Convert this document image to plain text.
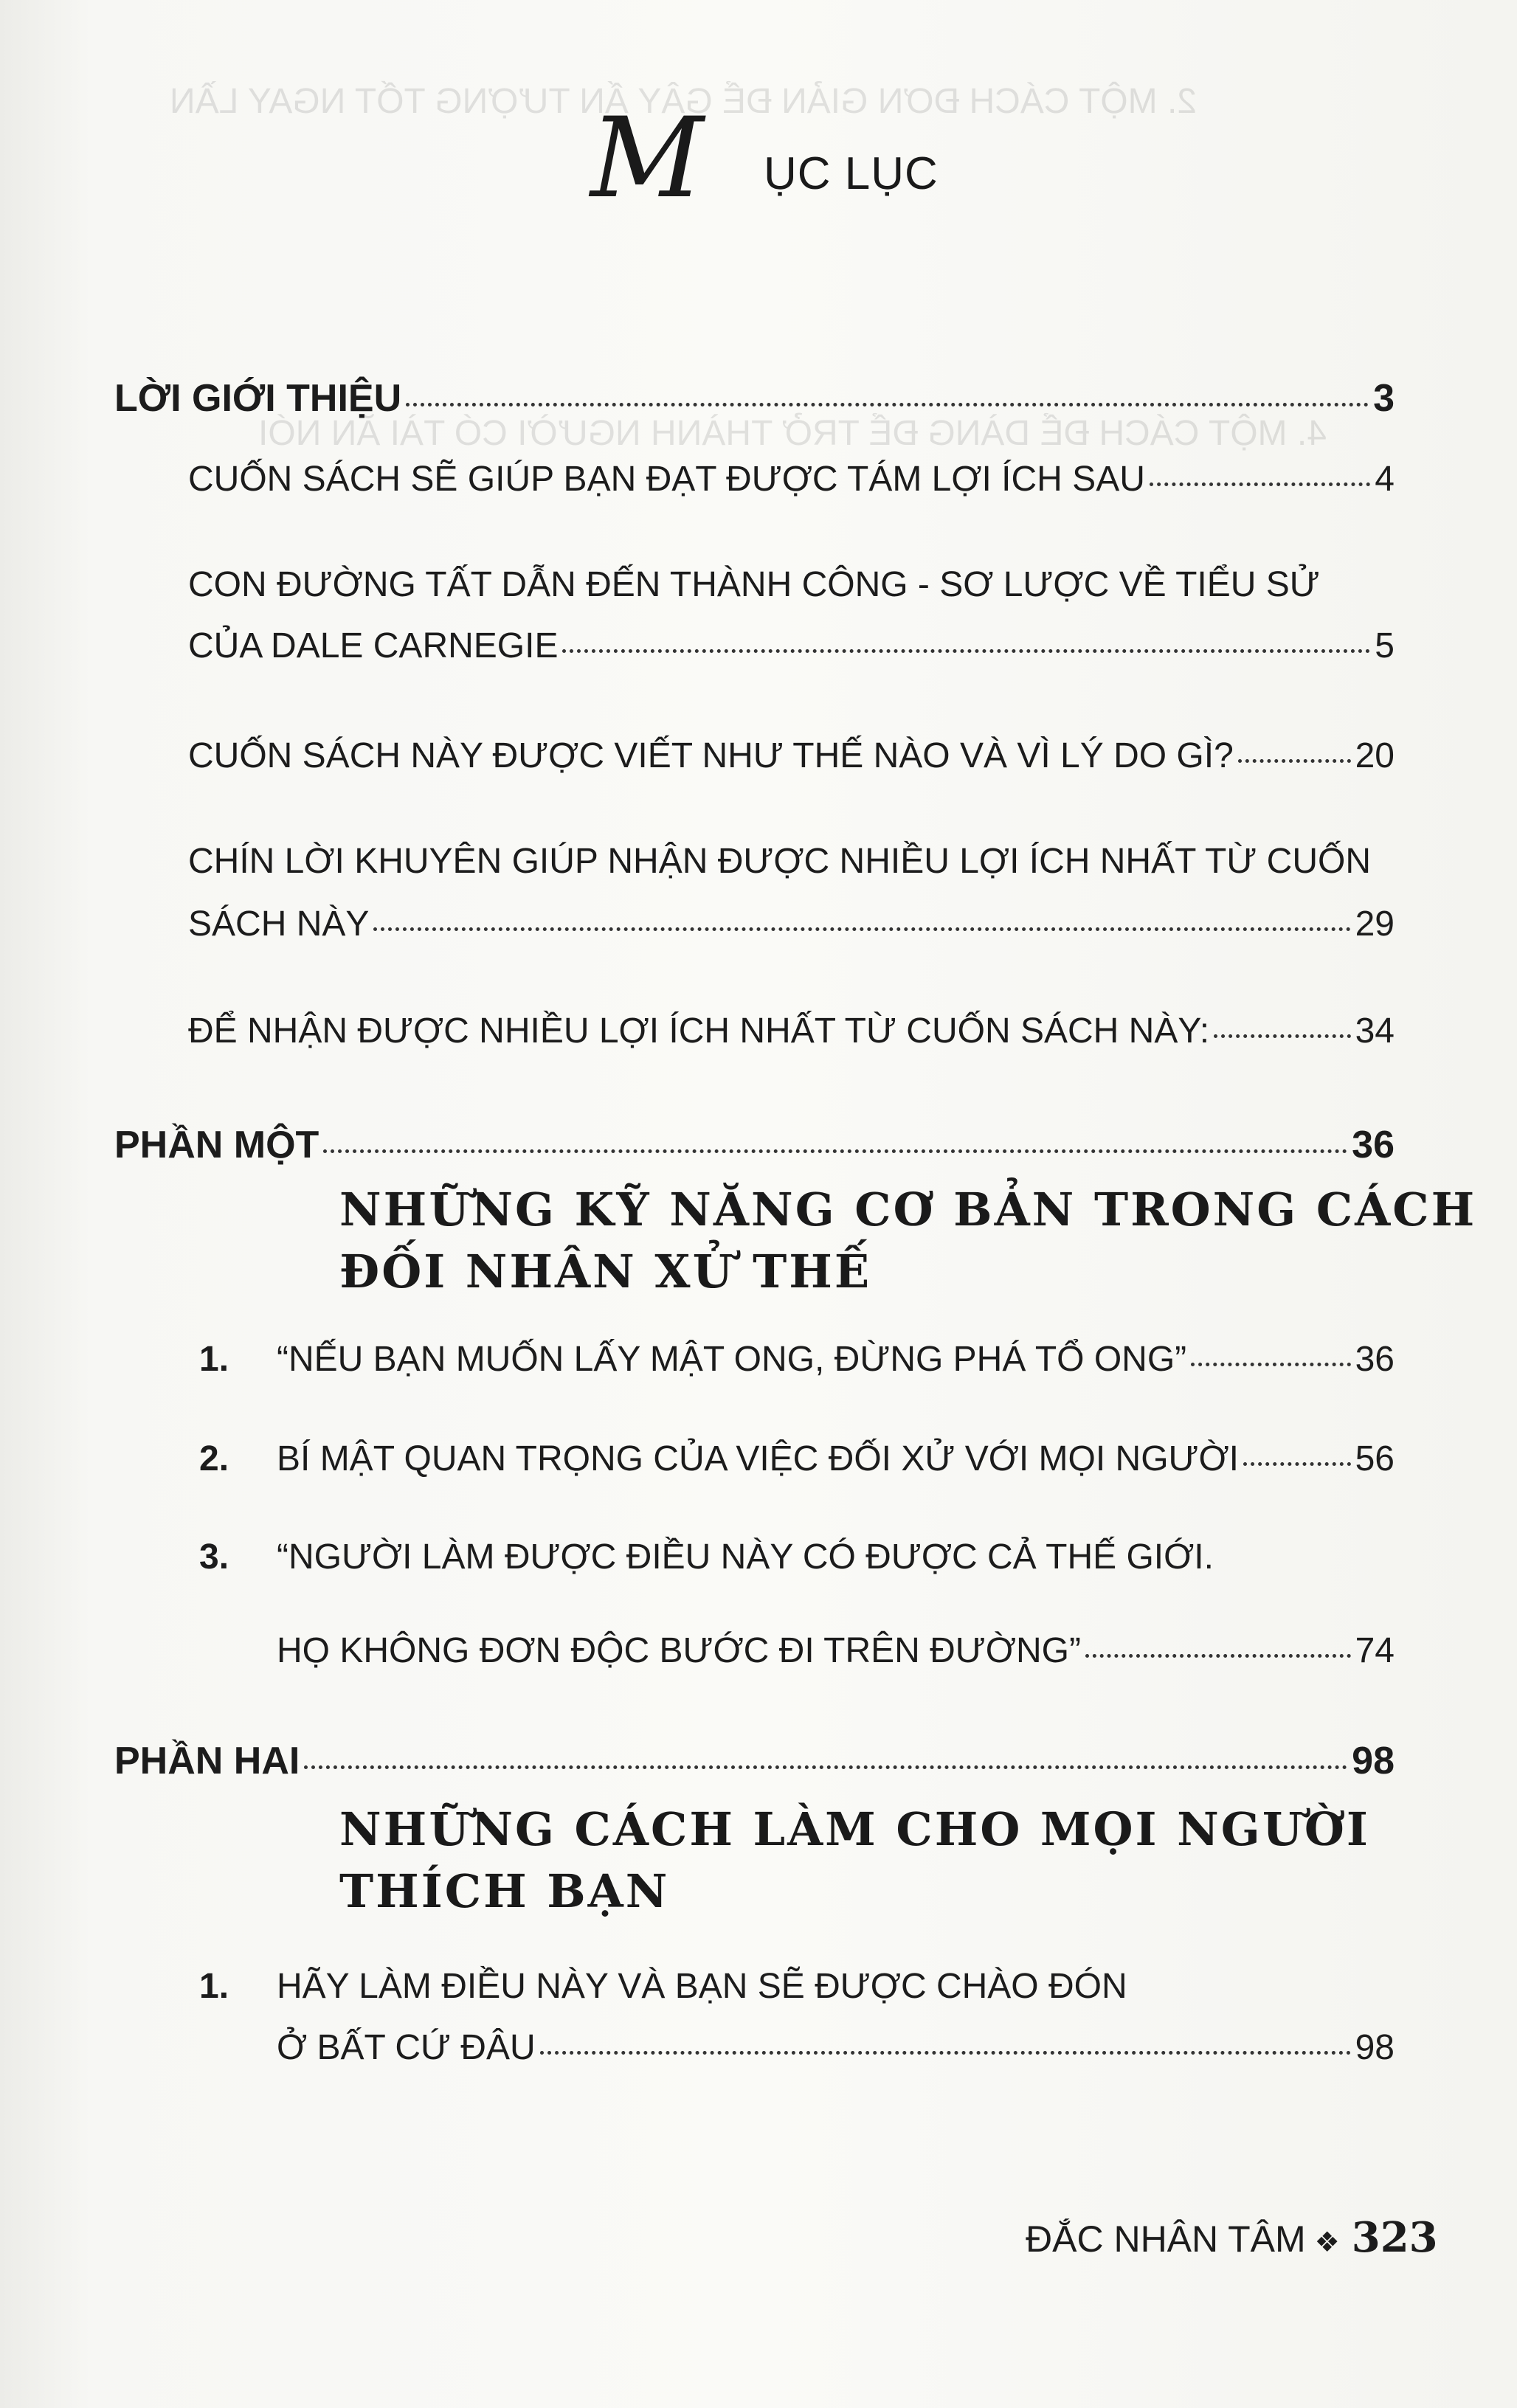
2. MỘT CÁCH ĐƠN GIẢN ĐỂ GÂY ẤN TƯỢNG TỐT NGAY LẦN
4. MỘT CÁCH ĐỂ DÀNG ĐỂ TRỞ THÀNH NGƯỜI CÓ TÀI ĂN NÓI
M ỤC LỤC
LỜI GIỚI THIỆU	3
CUỐN SÁCH SẼ GIÚP BẠN ĐẠT ĐƯỢC TÁM LỢI ÍCH SAU	4
CON ĐƯỜNG TẤT DẪN ĐẾN THÀNH CÔNG - SƠ LƯỢC VỀ TIỂU SỬ
CỦA DALE CARNEGIE	5
CUỐN SÁCH NÀY ĐƯỢC VIẾT NHƯ THẾ NÀO VÀ VÌ LÝ DO GÌ?	20
CHÍN LỜI KHUYÊN GIÚP NHẬN ĐƯỢC NHIỀU LỢI ÍCH NHẤT TỪ CUỐN
SÁCH NÀY	29
ĐỂ NHẬN ĐƯỢC NHIỀU LỢI ÍCH NHẤT TỪ CUỐN SÁCH NÀY:	34
PHẦN MỘT	36
NHỮNG KỸ NĂNG CƠ BẢN TRONG CÁCH
ĐỐI NHÂN XỬ THẾ
1. “NẾU BẠN MUỐN LẤY MẬT ONG, ĐỪNG PHÁ TỔ ONG”	36
2. BÍ MẬT QUAN TRỌNG CỦA VIỆC ĐỐI XỬ VỚI MỌI NGƯỜI	56
3. “NGƯỜI LÀM ĐƯỢC ĐIỀU NÀY CÓ ĐƯỢC CẢ THẾ GIỚI.
HỌ KHÔNG ĐƠN ĐỘC BƯỚC ĐI TRÊN ĐƯỜNG”	74
PHẦN HAI	98
NHỮNG CÁCH LÀM CHO MỌI NGƯỜI
THÍCH BẠN
1. HÃY LÀM ĐIỀU NÀY VÀ BẠN SẼ ĐƯỢC CHÀO ĐÓN
Ở BẤT CỨ ĐÂU	98
ĐẮC NHÂN TÂM ❖ 323
